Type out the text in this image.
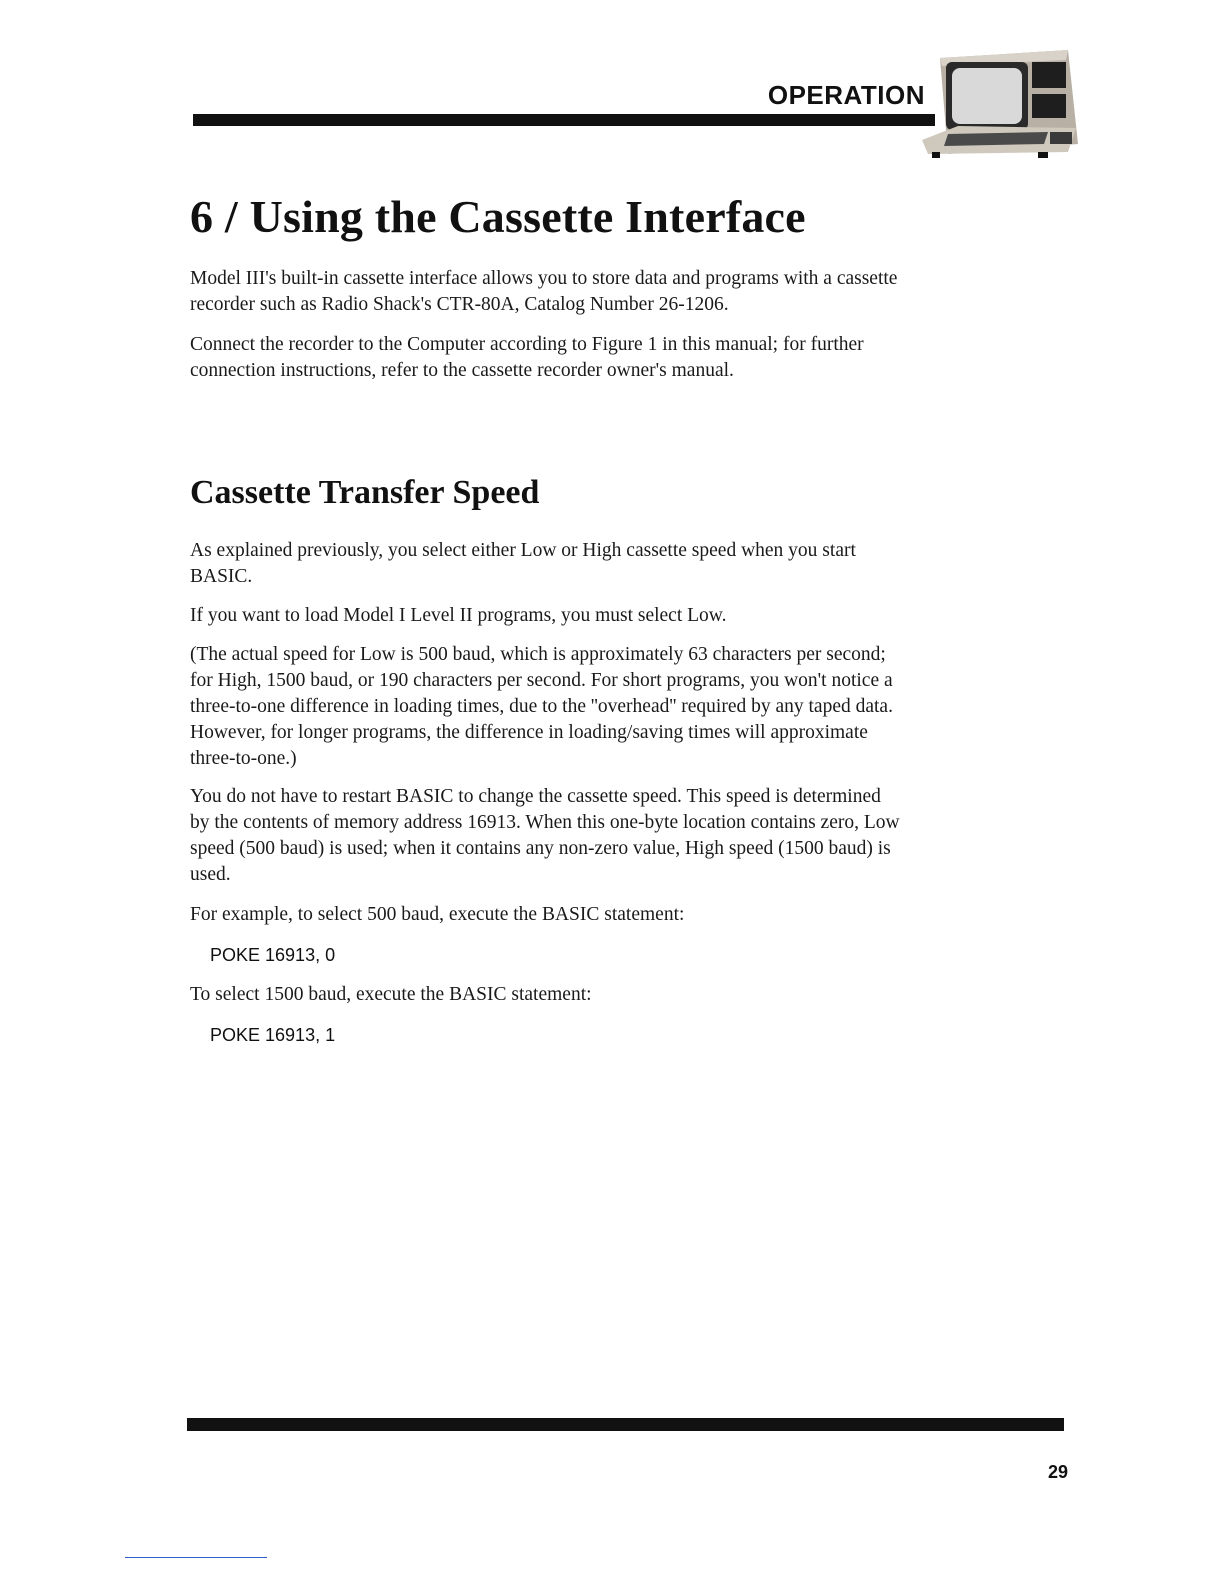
OPERATION
6 / Using the Cassette Interface

Model III's built-in cassette interface allows you to store data and programs with a cassette recorder such as Radio Shack's CTR-80A, Catalog Number 26-1206.

Connect the recorder to the Computer according to Figure 1 in this manual; for further connection instructions, refer to the cassette recorder owner's manual.

Cassette Transfer Speed

As explained previously, you select either Low or High cassette speed when you start BASIC.

If you want to load Model I Level II programs, you must select Low.

(The actual speed for Low is 500 baud, which is approximately 63 characters per second; for High, 1500 baud, or 190 characters per second. For short programs, you won't notice a three-to-one difference in loading times, due to the ''overhead'' required by any taped data. However, for longer programs, the difference in loading/saving times will approximate three-to-one.)

You do not have to restart BASIC to change the cassette speed. This speed is determined by the contents of memory address 16913. When this one-byte location contains zero, Low speed (500 baud) is used; when it contains any non-zero value, High speed (1500 baud) is used.

For example, to select 500 baud, execute the BASIC statement:

POKE 16913, 0

To select 1500 baud, execute the BASIC statement:

POKE 16913, 1

29
